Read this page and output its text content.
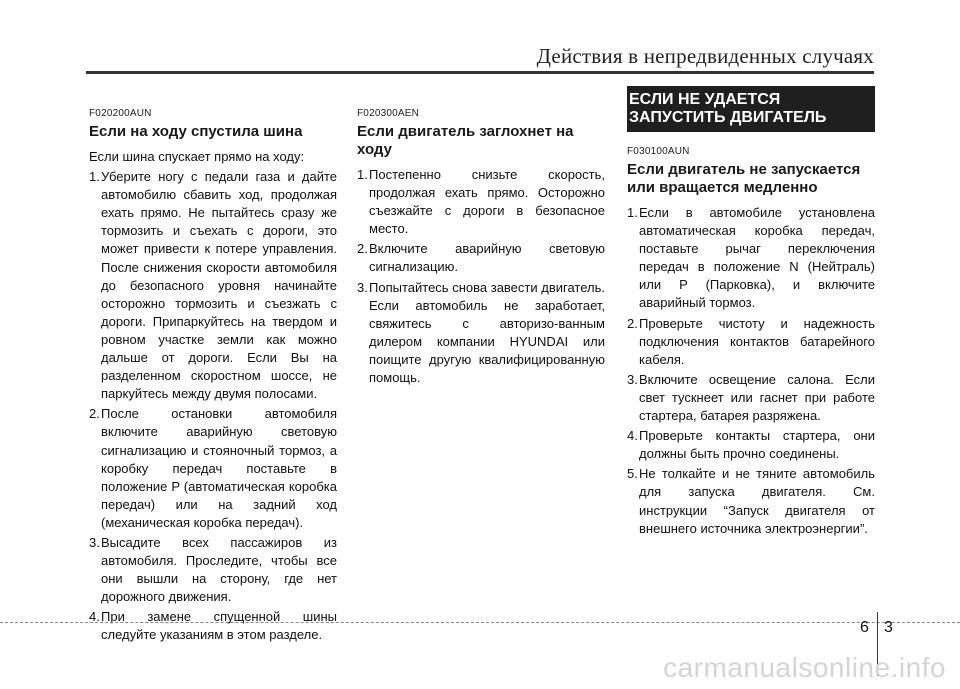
Действия в непредвиденных случаях
F020200AUN
Если на ходу спустила шина
Если шина спускает прямо на ходу:
1. Уберите ногу с педали газа и дайте автомобилю сбавить ход, продолжая ехать прямо. Не пытайтесь сразу же тормозить и съехать с дороги, это может привести к потере управления. После снижения скорости автомобиля до безопасного уровня начинайте осторожно тормозить и съезжать с дороги. Припаркуйтесь на твердом и ровном участке земли как можно дальше от дороги. Если Вы на разделенном скоростном шоссе, не паркуйтесь между двумя полосами.
2. После остановки автомобиля включите аварийную световую сигнализацию и стояночный тормоз, а коробку передач поставьте в положение P (автоматическая коробка передач) или на задний ход (механическая коробка передач).
3. Высадите всех пассажиров из автомобиля. Проследите, чтобы все они вышли на сторону, где нет дорожного движения.
4. При замене спущенной шины следуйте указаниям в этом разделе.
F020300AEN
Если двигатель заглохнет на ходу
1. Постепенно снизьте скорость, продолжая ехать прямо. Осторожно съезжайте с дороги в безопасное место.
2. Включите аварийную световую сигнализацию.
3. Попытайтесь снова завести двигатель. Если автомобиль не заработает, свяжитесь с авторизо-ванным дилером компании HYUNDAI или поищите другую квалифицированную помощь.
ЕСЛИ НЕ УДАЕТСЯ ЗАПУСТИТЬ ДВИГАТЕЛЬ
F030100AUN
Если двигатель не запускается или вращается медленно
1. Если в автомобиле установлена автоматическая коробка передач, поставьте рычаг переключения передач в положение N (Нейтраль) или P (Парковка), и включите аварийный тормоз.
2. Проверьте чистоту и надежность подключения контактов батарейного кабеля.
3. Включите освещение салона. Если свет тускнеет или гаснет при работе стартера, батарея разряжена.
4. Проверьте контакты стартера, они должны быть прочно соединены.
5. Не толкайте и не тяните автомобиль для запуска двигателя. См. инструкции “Запуск двигателя от внешнего источника электроэнергии”.
6 3
carmanualsonline.info
